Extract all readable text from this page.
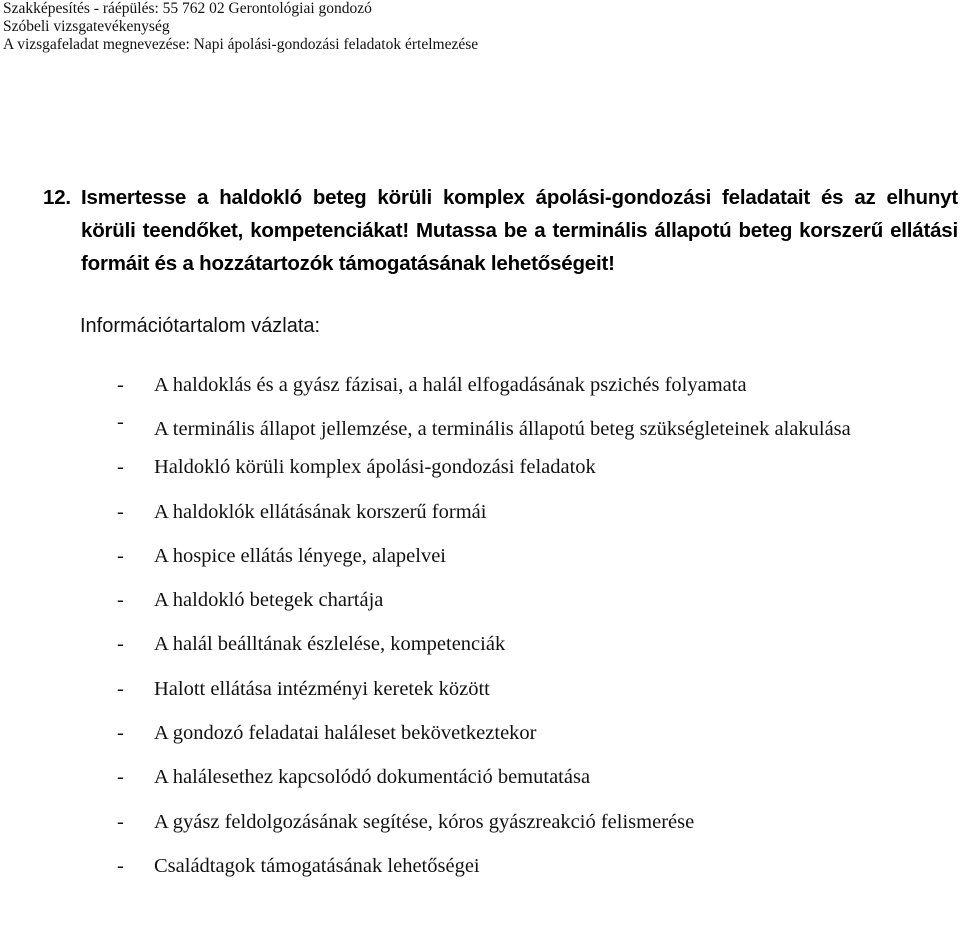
Szakképesítés - ráépülés: 55 762 02 Gerontológiai gondozó
Szóbeli vizsgatevékenység
A vizsgafeladat megnevezése: Napi ápolási-gondozási feladatok értelmezése
12. Ismertesse a haldokló beteg körüli komplex ápolási-gondozási feladatait és az elhunyt körüli teendőket, kompetenciákat! Mutassa be a terminális állapotú beteg korszerű ellátási formáit és a hozzátartozók támogatásának lehetőségeit!
Információtartalom vázlata:
- A haldoklás és a gyász fázisai, a halál elfogadásának pszichés folyamata
- A terminális állapot jellemzése, a terminális állapotú beteg szükségleteinek alakulása
- Haldokló körüli komplex ápolási-gondozási feladatok
- A haldoklók ellátásának korszerű formái
- A hospice ellátás lényege, alapelvei
- A haldokló betegek chartája
- A halál beálltának észlelése, kompetenciák
- Halott ellátása intézményi keretek között
- A gondozó feladatai haláleset bekövetkeztekor
- A halálesethez kapcsolódó dokumentáció bemutatása
- A gyász feldolgozásának segítése, kóros gyászreakció felismerése
- Családtagok támogatásának lehetőségei
